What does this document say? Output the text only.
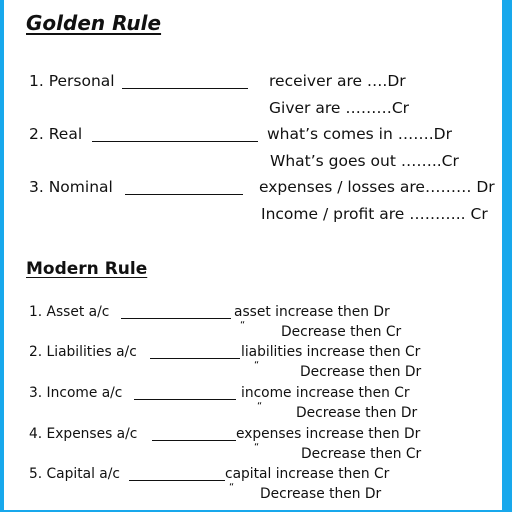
Golden Rule
1. Personal	receiver are ….Dr
Giver are ………Cr
2. Real	what’s comes in …….Dr
What’s goes out ……..Cr
3. Nominal	expenses / losses are……… Dr
Income / profit are ……….. Cr
Modern Rule
1. Asset a/c	asset increase then Dr
“	Decrease then Cr
2. Liabilities a/c	liabilities increase then Cr
“	Decrease then Dr
3. Income a/c	income increase then Cr
“ Decrease then Dr
4. Expenses a/c	expenses increase then Dr
“	Decrease then Cr
5. Capital a/c	capital increase then Cr
“ Decrease then Dr
